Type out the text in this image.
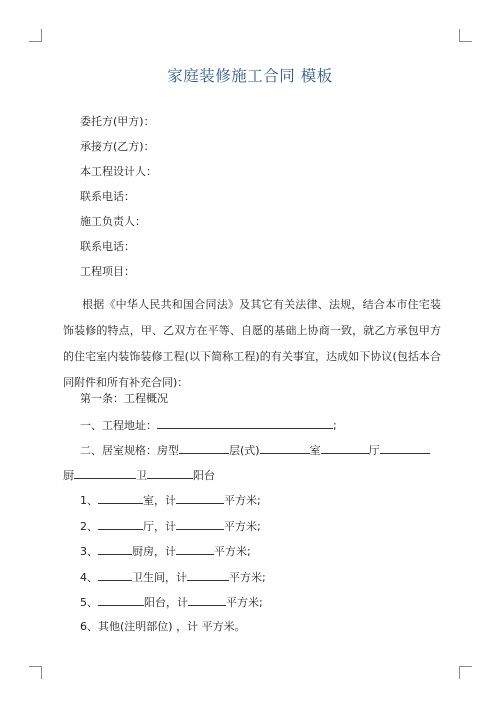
家庭装修施工合同 模板
委托方(甲方)：
承接方(乙方)：
本工程设计人：
联系电话：
施工负责人：
联系电话：
工程项目：
根据《中华人民共和国合同法》及其它有关法律、法规，结合本市住宅装饰装修的特点，甲、乙双方在平等、自愿的基础上协商一致，就乙方承包甲方的住宅室内装饰装修工程(以下简称工程)的有关事宜，达成如下协议(包括本合同附件和所有补充合同)：
第一条：工程概况
一、工程地址：	;
二、居室规格：房型	层(式)	室	厅
厨	卫	阳台
1、	室，计	平方米;
2、	厅，计	平方米;
3、	厨房，计	平方米;
4、	卫生间，计	平方米;
5、	阳台，计	平方米;
6、其他(注明部位) ，计 平方米。
